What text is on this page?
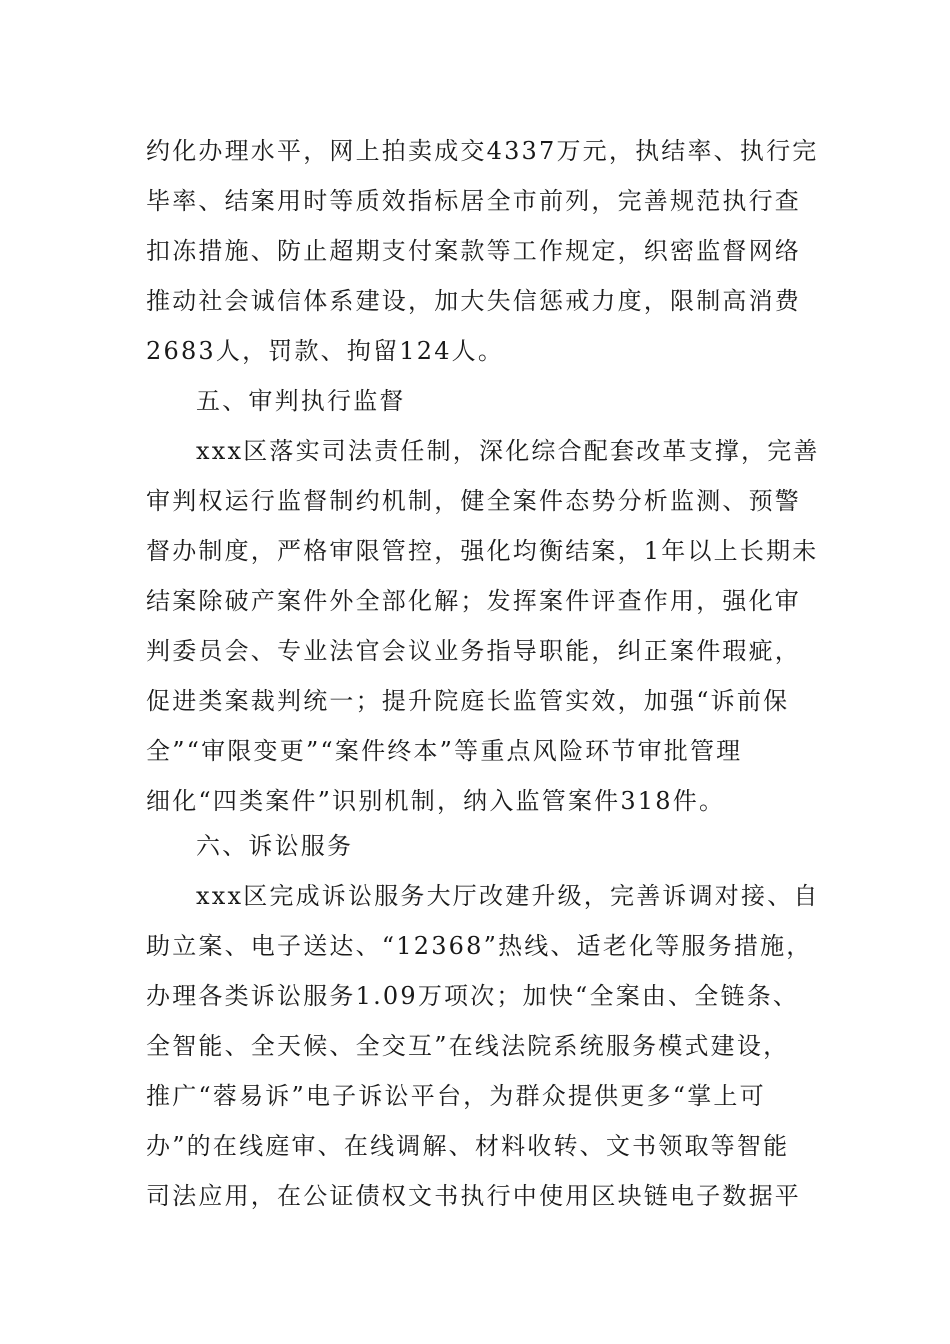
约化办理水平，网上拍卖成交4337万元，执结率、执行完
毕率、结案用时等质效指标居全市前列，完善规范执行查
扣冻措施、防止超期支付案款等工作规定，织密监督网络
推动社会诚信体系建设，加大失信惩戒力度，限制高消费
2683人，罚款、拘留124人。
五、审判执行监督
xxx区落实司法责任制，深化综合配套改革支撑，完善
审判权运行监督制约机制，健全案件态势分析监测、预警
督办制度，严格审限管控，强化均衡结案，1年以上长期未
结案除破产案件外全部化解；发挥案件评查作用，强化审
判委员会、专业法官会议业务指导职能，纠正案件瑕疵，
促进类案裁判统一；提升院庭长监管实效，加强“诉前保
全”“审限变更”“案件终本”等重点风险环节审批管理
细化“四类案件”识别机制，纳入监管案件318件。
六、诉讼服务
xxx区完成诉讼服务大厅改建升级，完善诉调对接、自
助立案、电子送达、“12368”热线、适老化等服务措施，
办理各类诉讼服务1.09万项次；加快“全案由、全链条、
全智能、全天候、全交互”在线法院系统服务模式建设，
推广“蓉易诉”电子诉讼平台，为群众提供更多“掌上可
办”的在线庭审、在线调解、材料收转、文书领取等智能
司法应用，在公证债权文书执行中使用区块链电子数据平
